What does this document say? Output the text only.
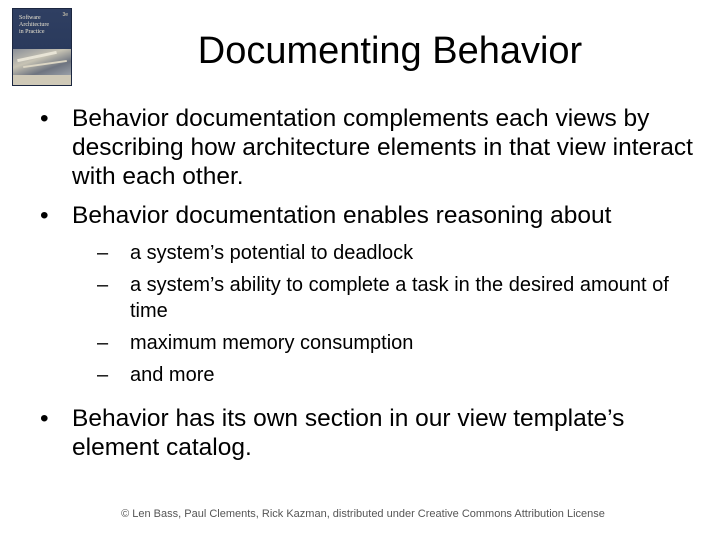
Software
Architecture
in Practice
3e
Documenting Behavior
• Behavior documentation complements each views by describing how architecture elements in that view interact with each other.
• Behavior documentation enables reasoning about
–	a system’s potential to deadlock
–	a system’s ability to complete a task in the desired amount of time
–	maximum memory consumption
–	and more
• Behavior has its own section in our view template’s element catalog.
© Len Bass, Paul Clements, Rick Kazman, distributed under Creative Commons Attribution License
